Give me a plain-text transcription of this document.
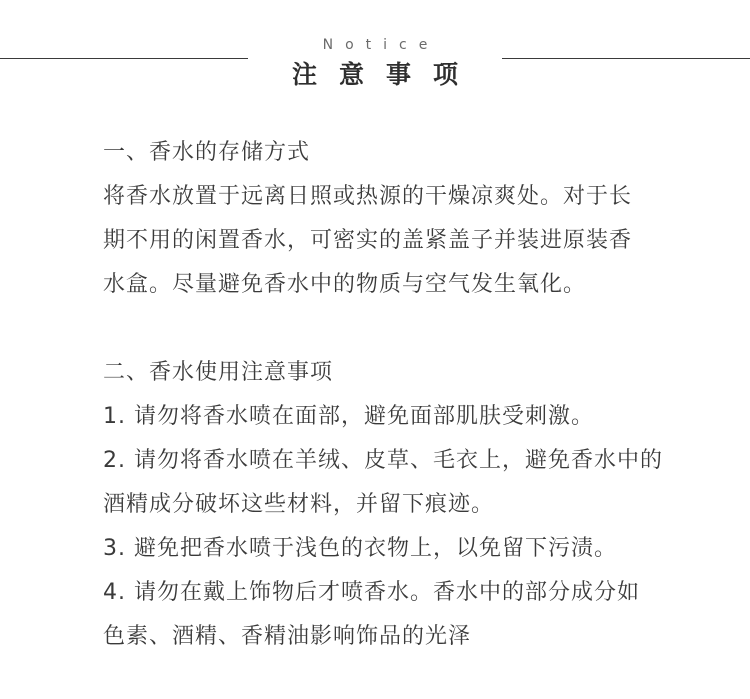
Notice
注意事项
一、香水的存储方式
将香水放置于远离日照或热源的干燥凉爽处。对于长
期不用的闲置香水，可密实的盖紧盖子并装进原装香
水盒。尽量避免香水中的物质与空气发生氧化。
二、香水使用注意事项
1. 请勿将香水喷在面部，避免面部肌肤受刺激。
2. 请勿将香水喷在羊绒、皮草、毛衣上，避免香水中的
酒精成分破坏这些材料，并留下痕迹。
3. 避免把香水喷于浅色的衣物上，以免留下污渍。
4. 请勿在戴上饰物后才喷香水。香水中的部分成分如
色素、酒精、香精油影响饰品的光泽
